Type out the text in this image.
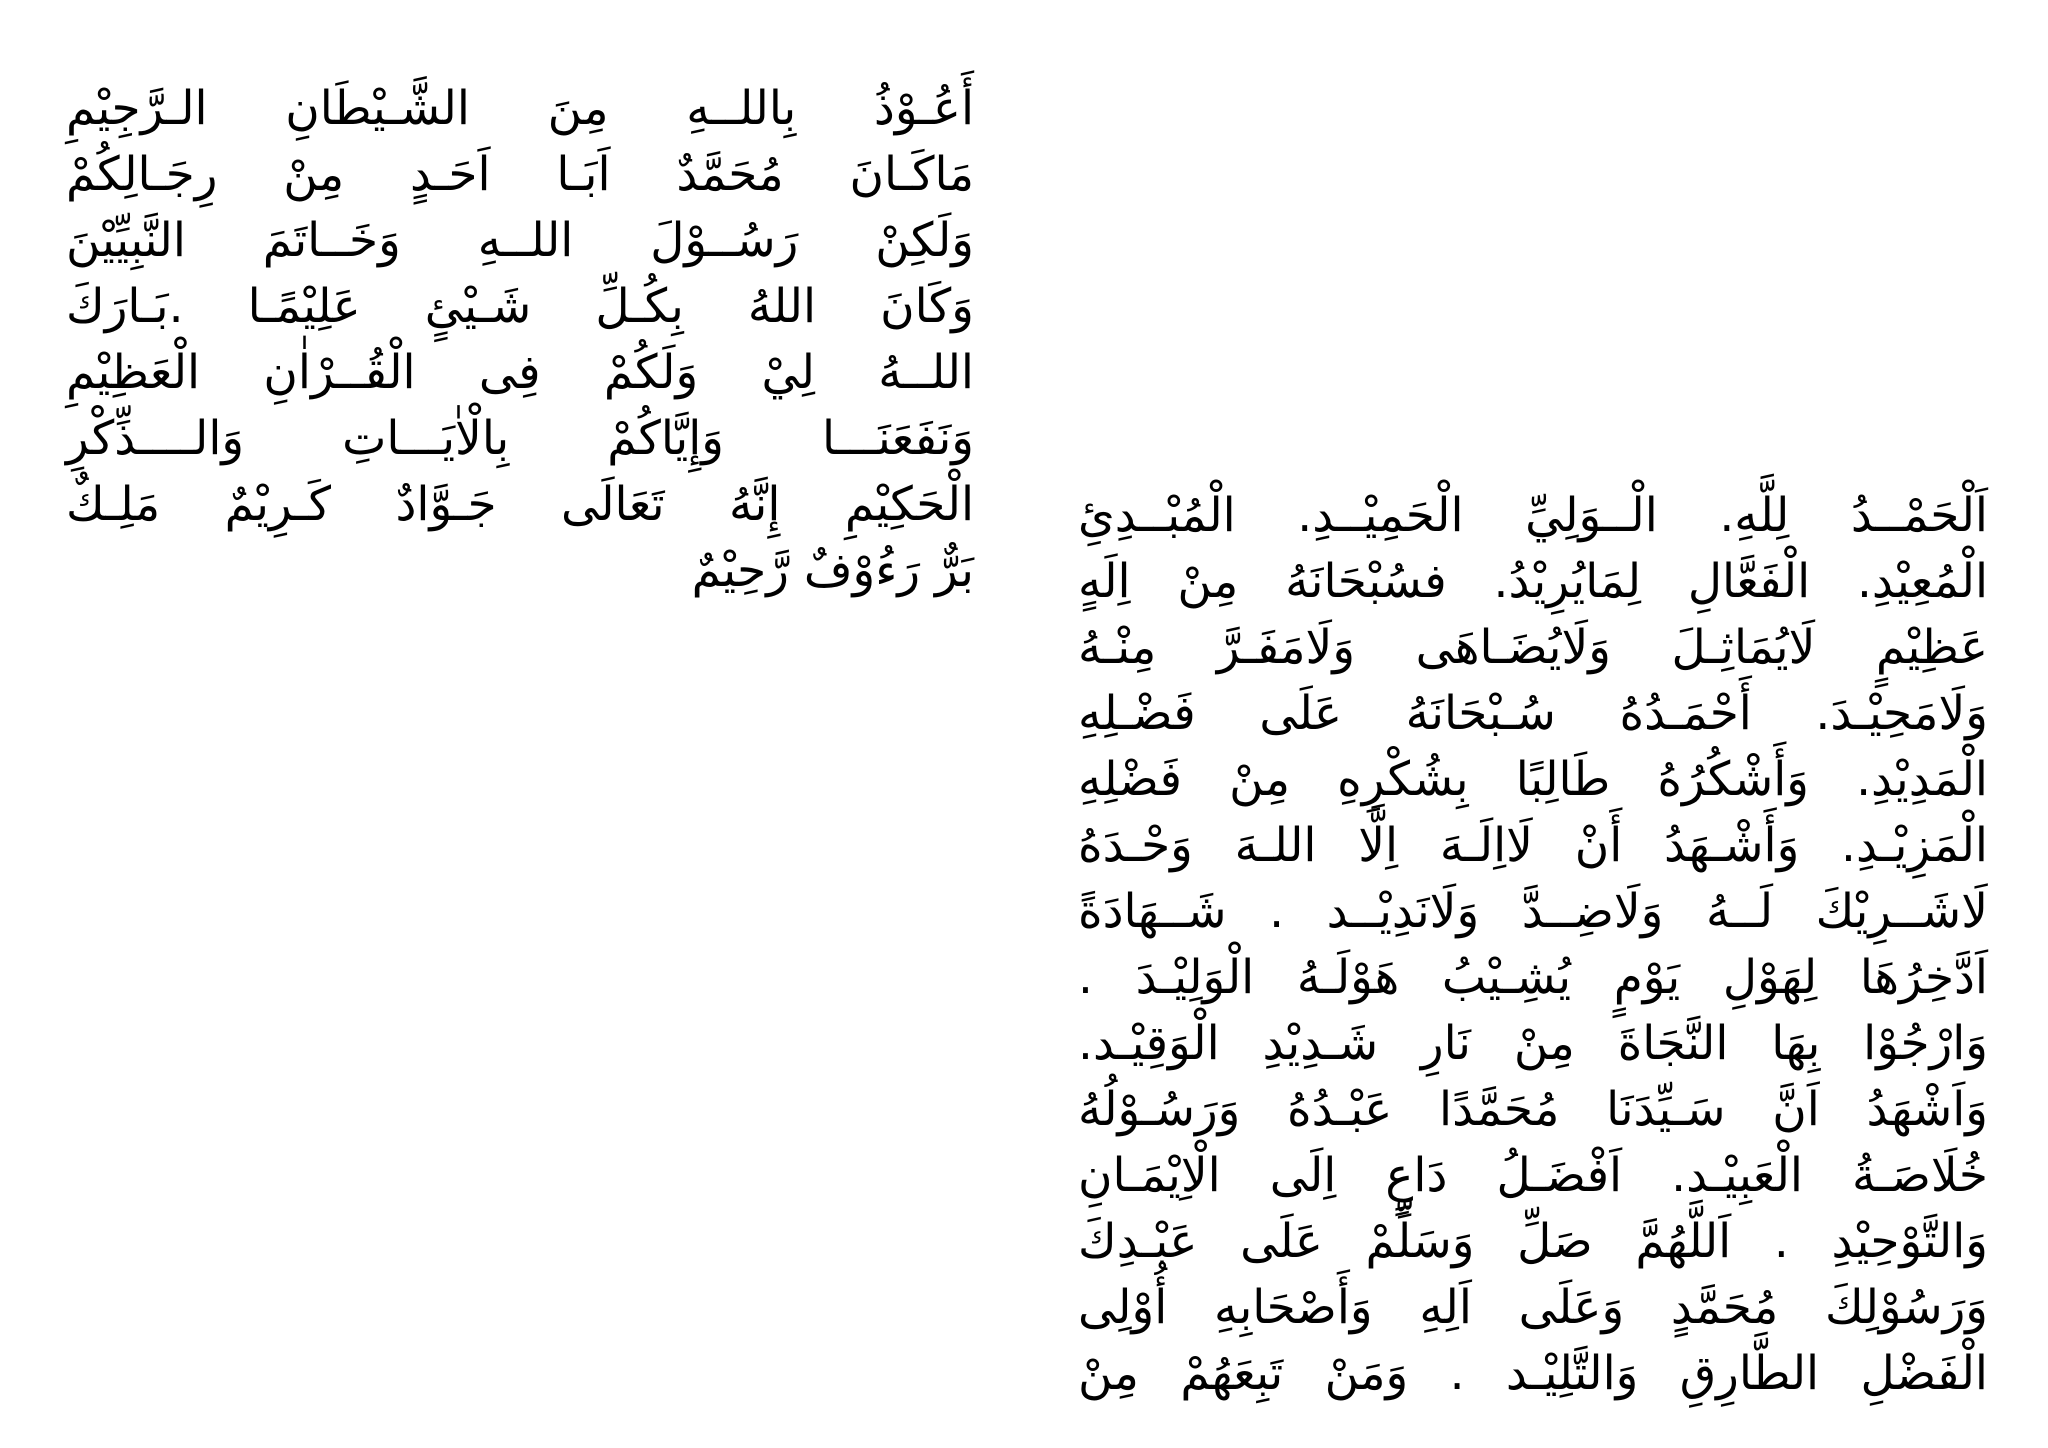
أَعُـوْذُ بِاللــهِ مِنَ الشَّـيْطَانِ الـرَّجِيْمِ
مَاكَـانَ مُحَمَّدٌ اَبَـا اَحَـدٍ مِنْ رِجَـالِكُمْ
وَلَكِنْ رَسُــوْلَ اللــهِ وَخَــاتَمَ النَّبِيِّيْنَ
وَكَانَ اللهُ بِكُـلِّ شَـيْئٍ عَلِيْمًـا .بَـارَكَ
اللــهُ لِيْ وَلَكُمْ فِى الْقُــرْاٰنِ الْعَظِيْمِ
وَنَفَعَنَـــا وَإِيَّاكُمْ بِالْاٰيَـــاتِ وَالــــذِّكْرِ
الْحَكِيْمِ إِنَّهُ تَعَالَى جَـوَّادٌ كَـرِيْمٌ مَلِـكٌ
بَرٌّ رَءُوْفٌ رَّحِيْمٌ
اَلْحَمْــدُ لِلَّهِ. الْــوَلِيِّ الْحَمِيْــدِ. الْمُبْــدِئِ
الْمُعِيْدِ. الْفَعَّالِ لِمَايُرِيْدُ. فسُبْحَانَهُ مِنْ اِلَهٍ
عَظِيْمٍ لَايُمَاثِـلَ وَلَايُضَـاهَى وَلَامَفَـرَّ مِنْـهُ
وَلَامَحِيْـدَ. أَحْمَـدُهُ سُـبْحَانَهُ عَلَى فَضْـلِهِ
الْمَدِيْدِ. وَأَشْكُرُهُ طَالِبًا بِشُكْرِهِ مِنْ فَضْلِهِ
الْمَزِيْـدِ. وَأَشْـهَدُ أَنْ لَااِلَـهَ اِلَّا اللـهَ وَحْـدَهُ
لَاشَــرِيْكَ لَــهُ وَلَاضِــدَّ وَلَانَدِيْــد . شَــهَادَةً
اَدَّخِرُهَا لِهَوْلِ يَوْمٍ يُشِـيْبُ هَوْلَـهُ الْوَلِيْـدَ .
وَارْجُوْا بِهَا النَّجَاةَ مِنْ نَارِ شَـدِيْدِ الْوَقِيْـد.
وَاَشْهَدُ اَنَّ سَـيِّدَنَا مُحَمَّدًا عَبْـدُهُ وَرَسُـوْلُهُ
خُلَاصَـةُ الْعَبِيْـد. اَفْضَـلُ دَاعٍ اِلَى الْاِيْمَـانِ
وَالتَّوْحِيْدِ . اَللَّهُمَّ صَلِّ وَسَلِّمْ عَلَى عَبْـدِكَ
وَرَسُوْلِكَ مُحَمَّدٍ وَعَلَى اَلِهِ وَأَصْحَابِهِ أُوْلِى
الْفَضْلِ الطَّارِقِ وَالتَّلِيْـد . وَمَنْ تَبِعَهُمْ مِنْ
